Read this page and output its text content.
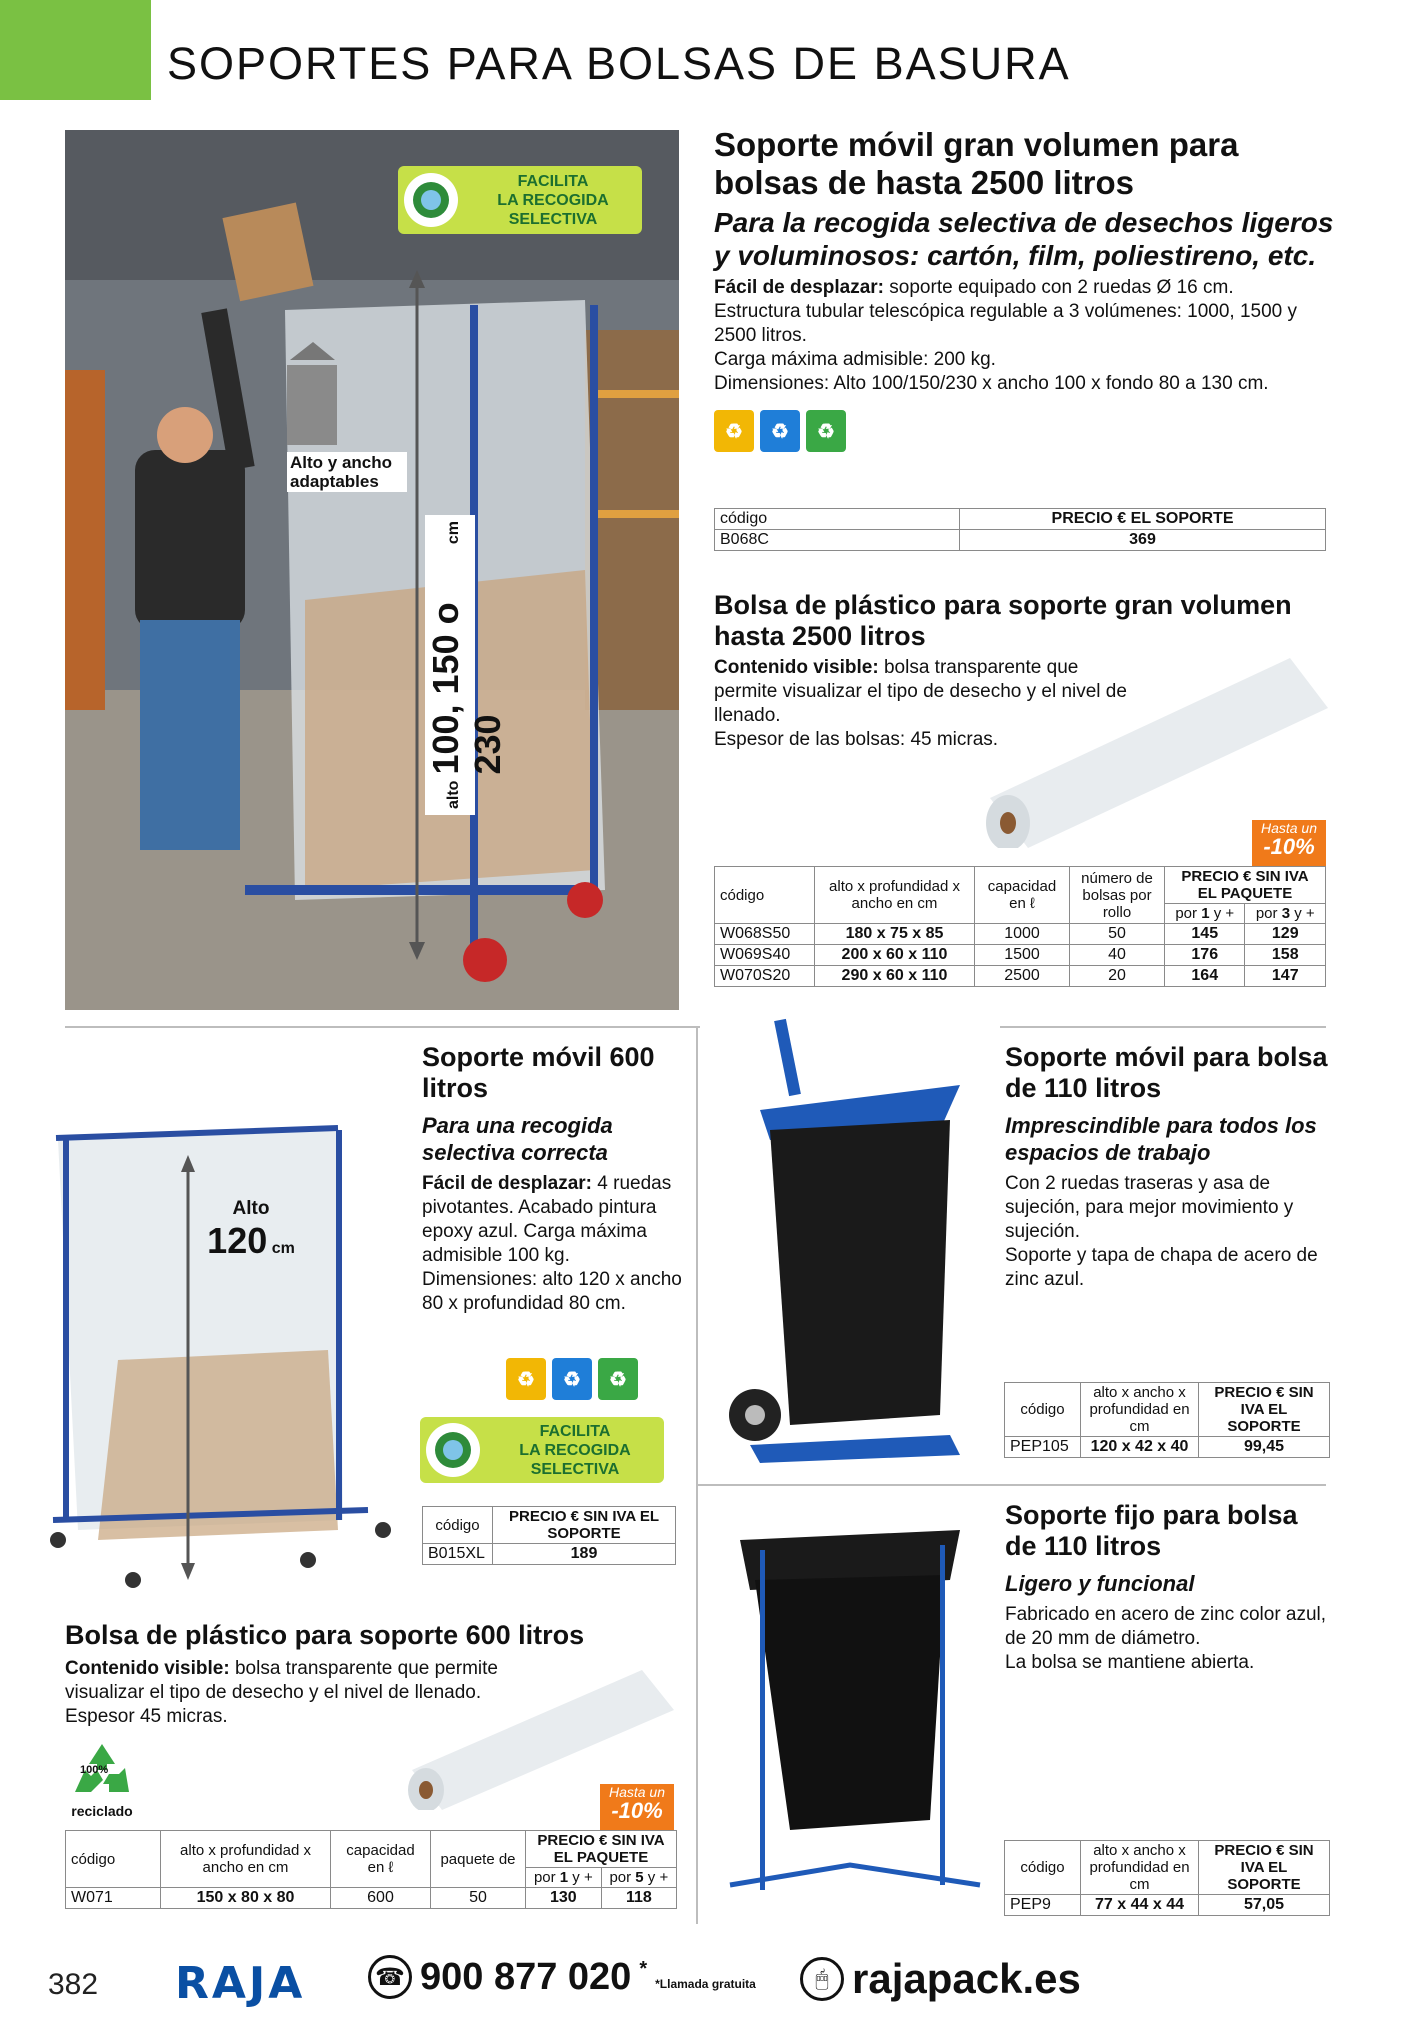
SOPORTES PARA BOLSAS DE BASURA
FACILITA
LA RECOGIDA
SELECTIVA
Alto y ancho adaptables
alto
100, 150 o 230
cm
Soporte móvil gran volumen para bolsas de hasta 2500 litros
Para la recogida selectiva de desechos ligeros y voluminosos: cartón, film, poliestireno, etc.

Fácil de desplazar: soporte equipado con 2 ruedas Ø 16 cm.

Estructura tubular telescópica regulable a 3 volúmenes: 1000, 1500 y 2500 litros.

Carga máxima admisible: 200 kg.

Dimensiones: Alto 100/150/230 x ancho 100 x fondo 80 a 130 cm.

♻	♻	♻
código	PRECIO € EL SOPORTE
B068C	369
Bolsa de plástico para soporte gran volumen hasta 2500 litros

Contenido visible: bolsa transparente que permite visualizar el tipo de desecho y el nivel de llenado.

Espesor de las bolsas: 45 micras.

Hasta un
-10%
código	alto x profundidad x ancho en cm	capacidad en ℓ	número de bolsas por rollo	PRECIO € SIN IVA EL PAQUETE	
				por 1 y +	por 3 y +
W068S50	180 x 75 x 85	1000	50	145	129
W069S40	200 x 60 x 110	1500	40	176	158
W070S20	290 x 60 x 110	2500	20	164	147
Alto
120 cm
Soporte móvil 600 litros
Para una recogida selectiva correcta

Fácil de desplazar: 4 ruedas pivotantes. Acabado pintura epoxy azul. Carga máxima admisible 100 kg.

Dimensiones: alto 120 x ancho 80 x profundidad 80 cm.

♻	♻	♻
FACILITA
LA RECOGIDA
SELECTIVA
código	PRECIO € SIN IVA EL SOPORTE
B015XL	189
Bolsa de plástico para soporte 600 litros

Contenido visible: bolsa transparente que permite visualizar el tipo de desecho y el nivel de llenado.

Espesor 45 micras.

100%
reciclado
Hasta un
-10%
código	alto x profundidad x ancho en cm	capacidad en ℓ	paquete de	PRECIO € SIN IVA EL PAQUETE	
				por 1 y +	por 5 y +
W071	150 x 80 x 80	600	50	130	118
Soporte móvil para bolsa de 110 litros
Imprescindible para todos los espacios de trabajo

Con 2 ruedas traseras y asa de sujeción, para mejor movimiento y sujeción.

Soporte y tapa de chapa de acero de zinc azul.

código	alto x ancho x profundidad en cm	PRECIO € SIN IVA EL SOPORTE
PEP105	120 x 42 x 40	99,45
Soporte fijo para bolsa de 110 litros
Ligero y funcional

Fabricado en acero de zinc color azul, de 20 mm de diámetro.

La bolsa se mantiene abierta.

código	alto x ancho x profundidad en cm	PRECIO € SIN IVA EL SOPORTE
PEP9	77 x 44 x 44	57,05
382 RAJA	☎ 900 877 020 *
*Llamada gratuita	🖱 rajapack.es
